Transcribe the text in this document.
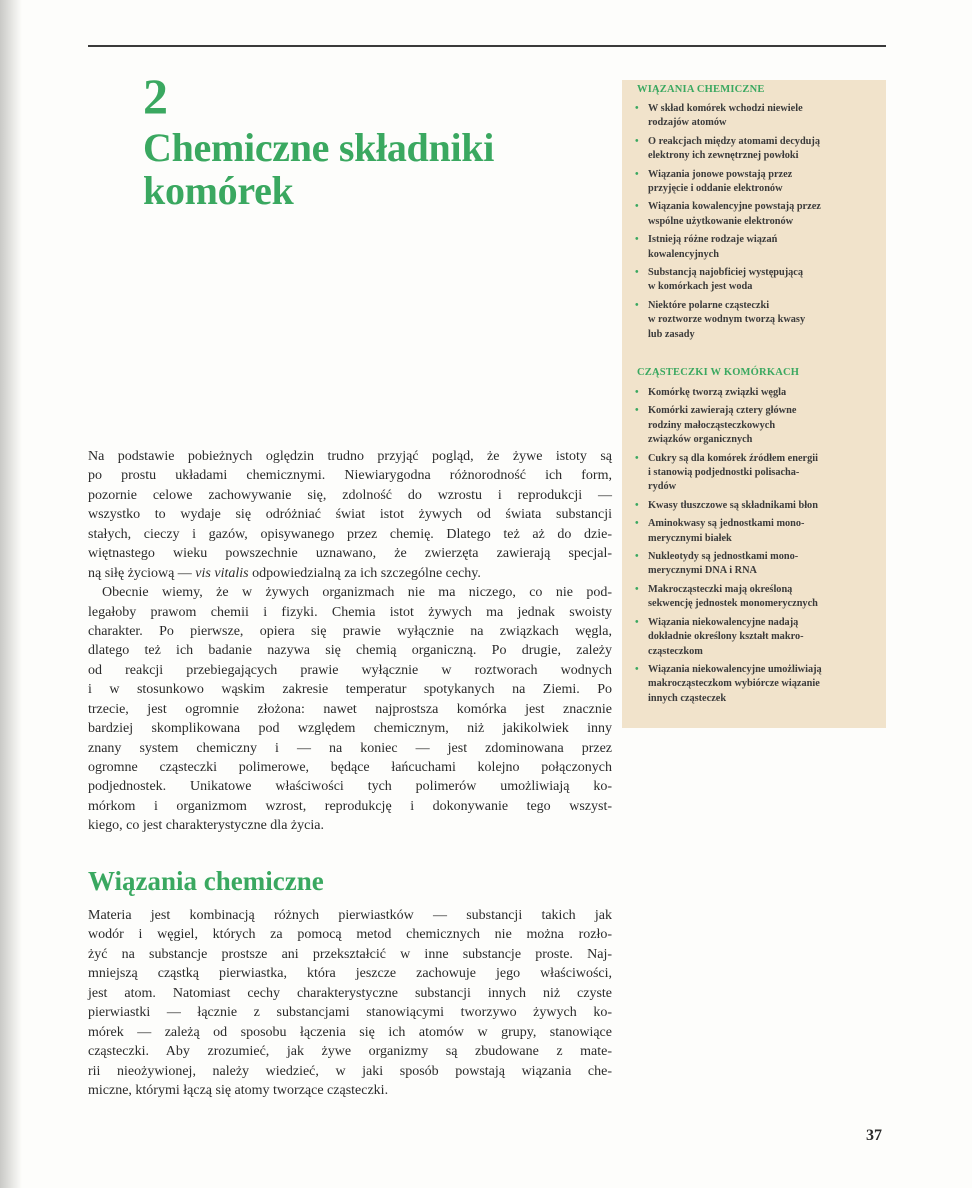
2
Chemiczne składniki
komórek
WIĄZANIA CHEMICZNE
• W skład komórek wchodzi niewiele
rodzajów atomów
• O reakcjach między atomami decydują
elektrony ich zewnętrznej powłoki
• Wiązania jonowe powstają przez
przyjęcie i oddanie elektronów
• Wiązania kowalencyjne powstają przez
wspólne użytkowanie elektronów
• Istnieją różne rodzaje wiązań
kowalencyjnych
• Substancją najobficiej występującą
w komórkach jest woda
• Niektóre polarne cząsteczki
w roztworze wodnym tworzą kwasy
lub zasady
CZĄSTECZKI W KOMÓRKACH
• Komórkę tworzą związki węgla
• Komórki zawierają cztery główne
rodziny małocząsteczkowych
związków organicznych
• Cukry są dla komórek źródłem energii
i stanowią podjednostki polisacha-
rydów
• Kwasy tłuszczowe są składnikami błon
• Aminokwasy są jednostkami mono-
merycznymi białek
• Nukleotydy są jednostkami mono-
merycznymi DNA i RNA
• Makrocząsteczki mają określoną
sekwencję jednostek monomerycznych
• Wiązania niekowalencyjne nadają
dokładnie określony kształt makro-
cząsteczkom
• Wiązania niekowalencyjne umożliwiają
makrocząsteczkom wybiórcze wiązanie
innych cząsteczek
Na podstawie pobieżnych oględzin trudno przyjąć pogląd, że żywe istoty są
po prostu układami chemicznymi. Niewiarygodna różnorodność ich form,
pozornie celowe zachowywanie się, zdolność do wzrostu i reprodukcji —
wszystko to wydaje się odróżniać świat istot żywych od świata substancji
stałych, cieczy i gazów, opisywanego przez chemię. Dlatego też aż do dzie-
więtnastego wieku powszechnie uznawano, że zwierzęta zawierają specjal-
ną siłę życiową — vis vitalis odpowiedzialną za ich szczególne cechy.
Obecnie wiemy, że w żywych organizmach nie ma niczego, co nie pod-
legałoby prawom chemii i fizyki. Chemia istot żywych ma jednak swoisty
charakter. Po pierwsze, opiera się prawie wyłącznie na związkach węgla,
dlatego też ich badanie nazywa się chemią organiczną. Po drugie, zależy
od reakcji przebiegających prawie wyłącznie w roztworach wodnych
i w stosunkowo wąskim zakresie temperatur spotykanych na Ziemi. Po
trzecie, jest ogromnie złożona: nawet najprostsza komórka jest znacznie
bardziej skomplikowana pod względem chemicznym, niż jakikolwiek inny
znany system chemiczny i — na koniec — jest zdominowana przez
ogromne cząsteczki polimerowe, będące łańcuchami kolejno połączonych
podjednostek. Unikatowe właściwości tych polimerów umożliwiają ko-
mórkom i organizmom wzrost, reprodukcję i dokonywanie tego wszyst-
kiego, co jest charakterystyczne dla życia.
Wiązania chemiczne
Materia jest kombinacją różnych pierwiastków — substancji takich jak
wodór i węgiel, których za pomocą metod chemicznych nie można rozło-
żyć na substancje prostsze ani przekształcić w inne substancje proste. Naj-
mniejszą cząstką pierwiastka, która jeszcze zachowuje jego właściwości,
jest atom. Natomiast cechy charakterystyczne substancji innych niż czyste
pierwiastki — łącznie z substancjami stanowiącymi tworzywo żywych ko-
mórek — zależą od sposobu łączenia się ich atomów w grupy, stanowiące
cząsteczki. Aby zrozumieć, jak żywe organizmy są zbudowane z mate-
rii nieożywionej, należy wiedzieć, w jaki sposób powstają wiązania che-
miczne, którymi łączą się atomy tworzące cząsteczki.
37
